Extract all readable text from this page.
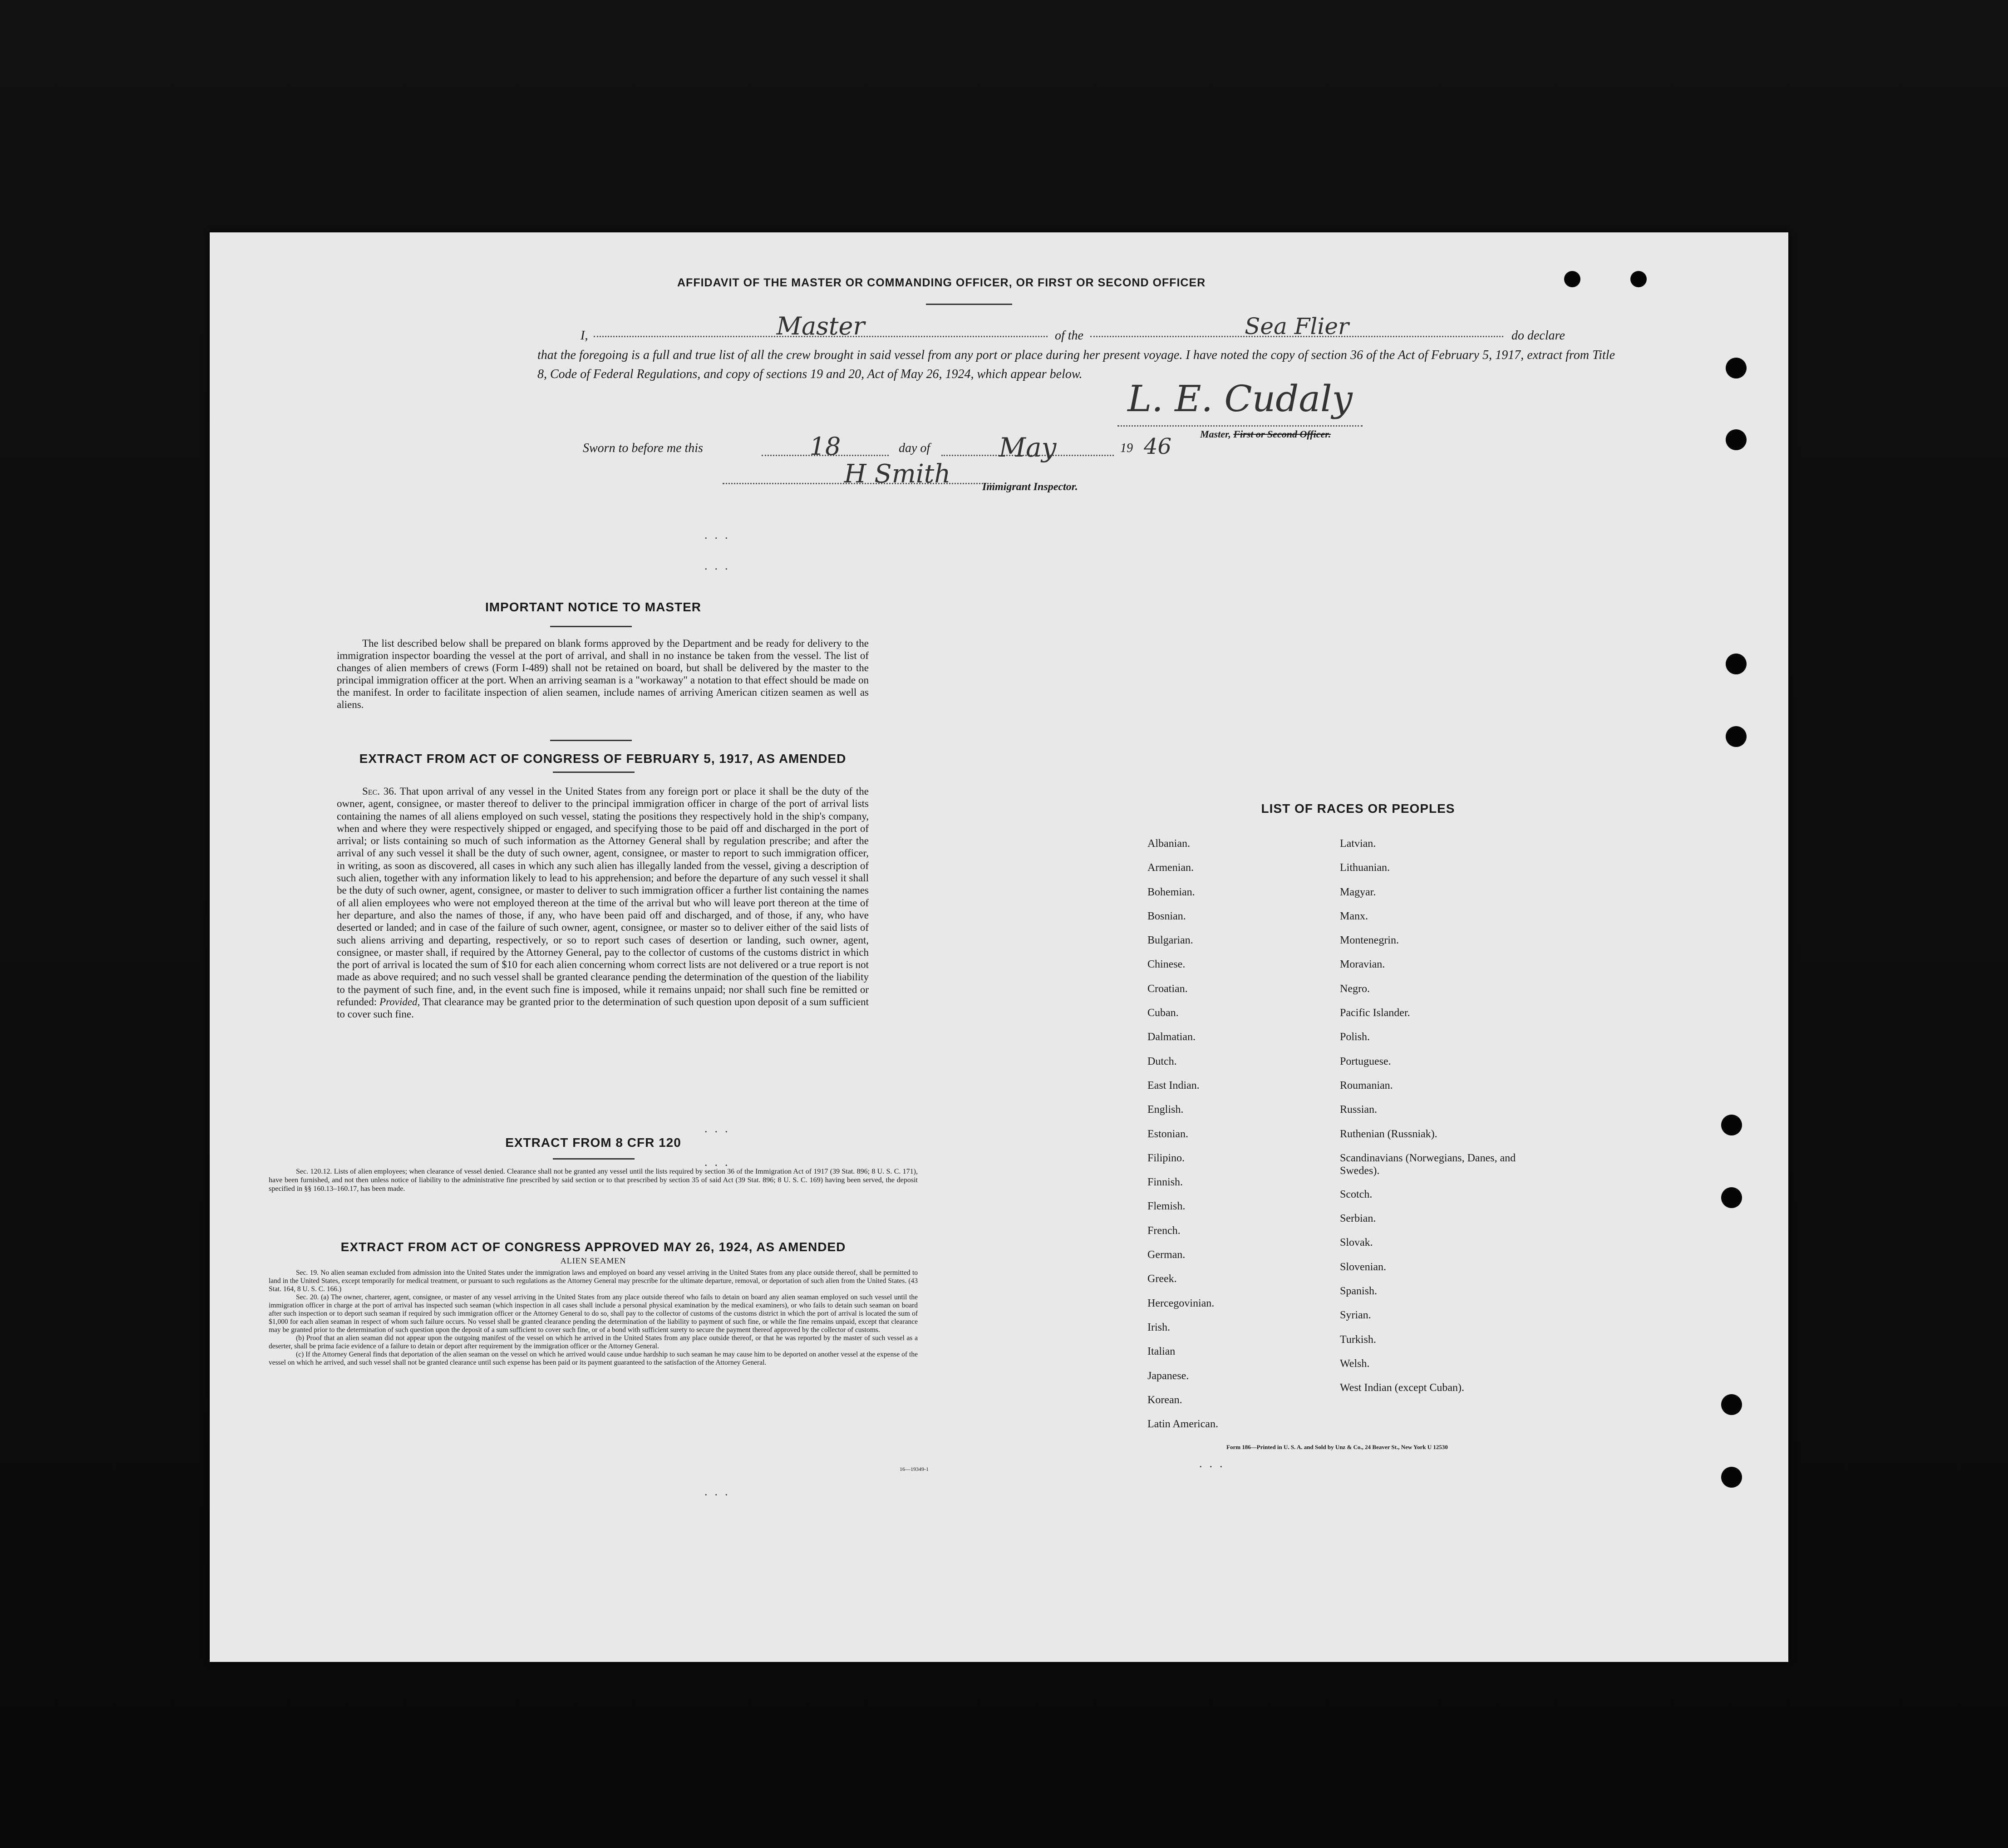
AFFIDAVIT OF THE MASTER OR COMMANDING OFFICER, OR FIRST OR SECOND OFFICER
I,	Master	of the	Sea Flier	do declare
that the foregoing is a full and true list of all the crew brought in said vessel from any port or place during her present voyage. I have noted the copy of section 36 of the Act of February 5, 1917, extract from Title 8, Code of Federal Regulations, and copy of sections 19 and 20, Act of May 26, 1924, which appear below.
L. E. Cudaly
Master, First or Second Officer.
Sworn to before me this	18	day of	May	19 46
H Smith	Immigrant Inspector.
...
...
...
...
...
...
IMPORTANT NOTICE TO MASTER
The list described below shall be prepared on blank forms approved by the Department and be ready for delivery to the immigration inspector boarding the vessel at the port of arrival, and shall in no instance be taken from the vessel. The list of changes of alien members of crews (Form I-489) shall not be retained on board, but shall be delivered by the master to the principal immigration officer at the port. When an arriving seaman is a "workaway" a notation to that effect should be made on the manifest. In order to facilitate inspection of alien seamen, include names of arriving American citizen seamen as well as aliens.
EXTRACT FROM ACT OF CONGRESS OF FEBRUARY 5, 1917, AS AMENDED
Sec. 36. That upon arrival of any vessel in the United States from any foreign port or place it shall be the duty of the owner, agent, consignee, or master thereof to deliver to the principal immigration officer in charge of the port of arrival lists containing the names of all aliens employed on such vessel, stating the positions they respectively hold in the ship's company, when and where they were respectively shipped or engaged, and specifying those to be paid off and discharged in the port of arrival; or lists containing so much of such information as the Attorney General shall by regulation prescribe; and after the arrival of any such vessel it shall be the duty of such owner, agent, consignee, or master to report to such immigration officer, in writing, as soon as discovered, all cases in which any such alien has illegally landed from the vessel, giving a description of such alien, together with any information likely to lead to his apprehension; and before the departure of any such vessel it shall be the duty of such owner, agent, consignee, or master to deliver to such immigration officer a further list containing the names of all alien employees who were not employed thereon at the time of the arrival but who will leave port thereon at the time of her departure, and also the names of those, if any, who have been paid off and discharged, and of those, if any, who have deserted or landed; and in case of the failure of such owner, agent, consignee, or master so to deliver either of the said lists of such aliens arriving and departing, respectively, or so to report such cases of desertion or landing, such owner, agent, consignee, or master shall, if required by the Attorney General, pay to the collector of customs of the customs district in which the port of arrival is located the sum of $10 for each alien concerning whom correct lists are not delivered or a true report is not made as above required; and no such vessel shall be granted clearance pending the determination of the question of the liability to the payment of such fine, and, in the event such fine is imposed, while it remains unpaid; nor shall such fine be remitted or refunded: Provided, That clearance may be granted prior to the determination of such question upon deposit of a sum sufficient to cover such fine.
EXTRACT FROM 8 CFR 120
Sec. 120.12. Lists of alien employees; when clearance of vessel denied. Clearance shall not be granted any vessel until the lists required by section 36 of the Immigration Act of 1917 (39 Stat. 896; 8 U. S. C. 171), have been furnished, and not then unless notice of liability to the administrative fine prescribed by said section or to that prescribed by section 35 of said Act (39 Stat. 896; 8 U. S. C. 169) having been served, the deposit specified in §§ 160.13–160.17, has been made.
EXTRACT FROM ACT OF CONGRESS APPROVED MAY 26, 1924, AS AMENDED
ALIEN SEAMEN

Sec. 19. No alien seaman excluded from admission into the United States under the immigration laws and employed on board any vessel arriving in the United States from any place outside thereof, shall be permitted to land in the United States, except temporarily for medical treatment, or pursuant to such regulations as the Attorney General may prescribe for the ultimate departure, removal, or deportation of such alien from the United States. (43 Stat. 164, 8 U. S. C. 166.)

Sec. 20. (a) The owner, charterer, agent, consignee, or master of any vessel arriving in the United States from any place outside thereof who fails to detain on board any alien seaman employed on such vessel until the immigration officer in charge at the port of arrival has inspected such seaman (which inspection in all cases shall include a personal physical examination by the medical examiners), or who fails to detain such seaman on board after such inspection or to deport such seaman if required by such immigration officer or the Attorney General to do so, shall pay to the collector of customs of the customs district in which the port of arrival is located the sum of $1,000 for each alien seaman in respect of whom such failure occurs. No vessel shall be granted clearance pending the determination of the liability to payment of such fine, or while the fine remains unpaid, except that clearance may be granted prior to the determination of such question upon the deposit of a sum sufficient to cover such fine, or of a bond with sufficient surety to secure the payment thereof approved by the collector of customs.

(b) Proof that an alien seaman did not appear upon the outgoing manifest of the vessel on which he arrived in the United States from any place outside thereof, or that he was reported by the master of such vessel as a deserter, shall be prima facie evidence of a failure to detain or deport after requirement by the immigration officer or the Attorney General.

(c) If the Attorney General finds that deportation of the alien seaman on the vessel on which he arrived would cause undue hardship to such seaman he may cause him to be deported on another vessel at the expense of the vessel on which he arrived, and such vessel shall not be granted clearance until such expense has been paid or its payment guaranteed to the satisfaction of the Attorney General.

16—19349-1
LIST OF RACES OR PEOPLES
Albanian.
Armenian.
Bohemian.
Bosnian.
Bulgarian.
Chinese.
Croatian.
Cuban.
Dalmatian.
Dutch.
East Indian.
English.
Estonian.
Filipino.
Finnish.
Flemish.
French.
German.
Greek.
Hercegovinian.
Irish.
Italian
Japanese.
Korean.
Latin American.
Latvian.
Lithuanian.
Magyar.
Manx.
Montenegrin.
Moravian.
Negro.
Pacific Islander.
Polish.
Portuguese.
Roumanian.
Russian.
Ruthenian (Russniak).
Scandinavians (Norwegians, Danes, and Swedes).
Scotch.
Serbian.
Slovak.
Slovenian.
Spanish.
Syrian.
Turkish.
Welsh.
West Indian (except Cuban).
Form 186—Printed in U. S. A. and Sold by Unz & Co., 24 Beaver St., New York U 12530
